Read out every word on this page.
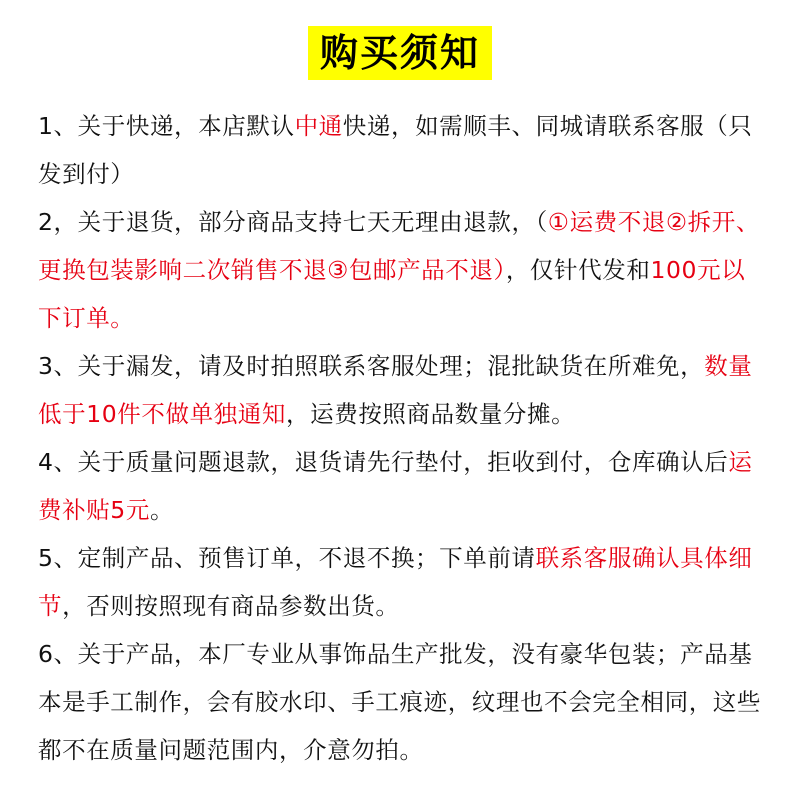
购买须知
1、关于快递，本店默认中通快递，如需顺丰、同城请联系客服（只发到付）
2，关于退货，部分商品支持七天无理由退款，（①运费不退②拆开、更换包装影响二次销售不退③包邮产品不退），仅针代发和100元以下订单。
3、关于漏发，请及时拍照联系客服处理；混批缺货在所难免，数量低于10件不做单独通知，运费按照商品数量分摊。
4、关于质量问题退款，退货请先行垫付，拒收到付，仓库确认后运费补贴5元。
5、定制产品、预售订单，不退不换；下单前请联系客服确认具体细节，否则按照现有商品参数出货。
6、关于产品，本厂专业从事饰品生产批发，没有豪华包装；产品基本是手工制作，会有胶水印、手工痕迹，纹理也不会完全相同，这些都不在质量问题范围内，介意勿拍。
